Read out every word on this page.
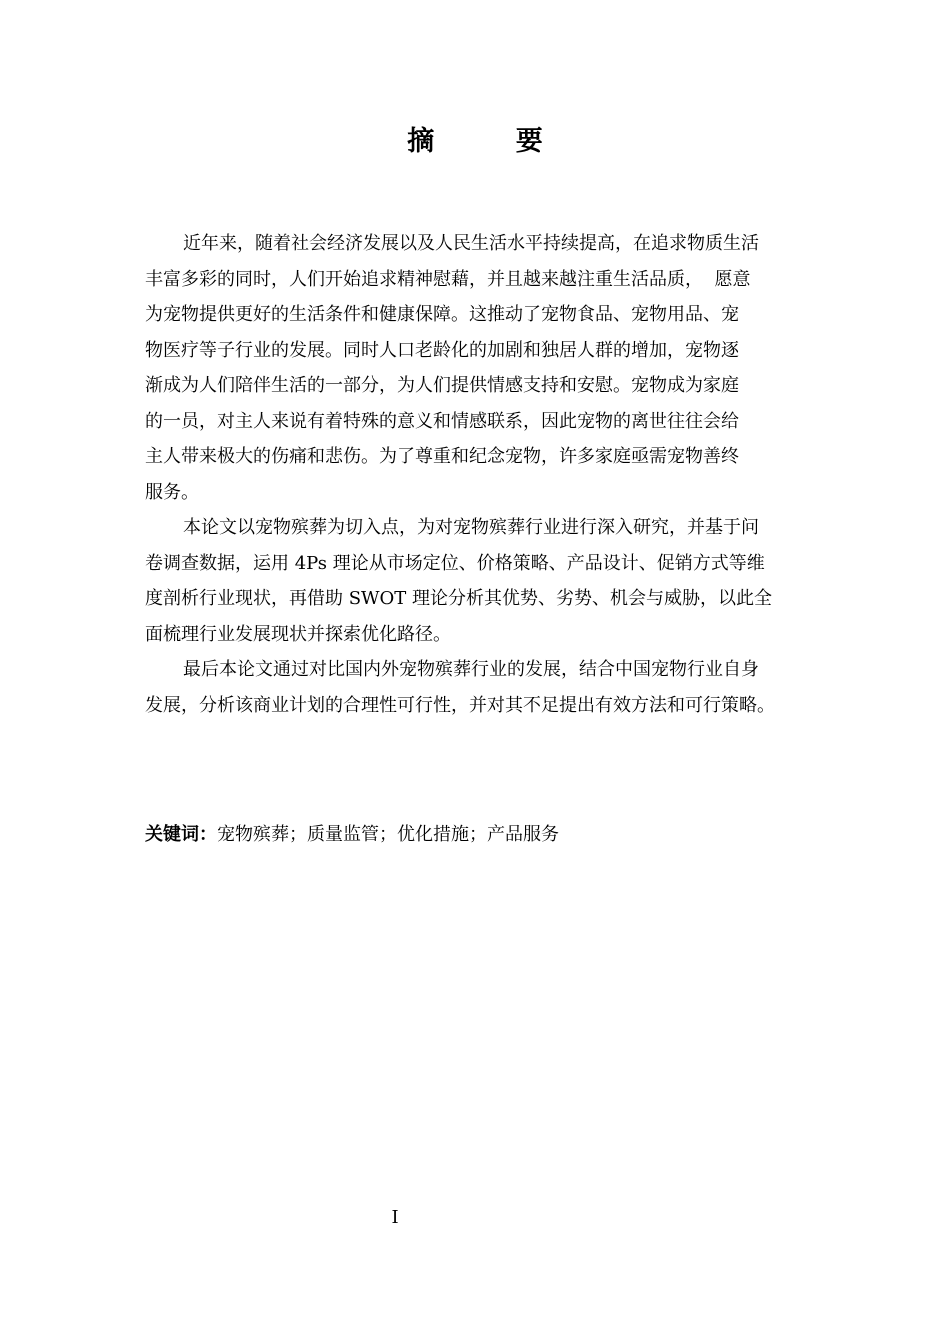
摘 要

近年来，随着社会经济发展以及人民生活水平持续提高，在追求物质生活
丰富多彩的同时，人们开始追求精神慰藉，并且越来越注重生活品质，  愿意
为宠物提供更好的生活条件和健康保障。这推动了宠物食品、宠物用品、宠
物医疗等子行业的发展。同时人口老龄化的加剧和独居人群的增加，宠物逐
渐成为人们陪伴生活的一部分，为人们提供情感支持和安慰。宠物成为家庭
的一员，对主人来说有着特殊的意义和情感联系，因此宠物的离世往往会给
主人带来极大的伤痛和悲伤。为了尊重和纪念宠物，许多家庭亟需宠物善终
服务。

本论文以宠物殡葬为切入点，为对宠物殡葬行业进行深入研究，并基于问
卷调查数据，运用 4Ps 理论从市场定位、价格策略、产品设计、促销方式等维
度剖析行业现状，再借助 SWOT 理论分析其优势、劣势、机会与威胁，以此全
面梳理行业发展现状并探索优化路径。

最后本论文通过对比国内外宠物殡葬行业的发展，结合中国宠物行业自身
发展，分析该商业计划的合理性可行性，并对其不足提出有效方法和可行策略。

关键词：宠物殡葬；质量监管；优化措施；产品服务
I
